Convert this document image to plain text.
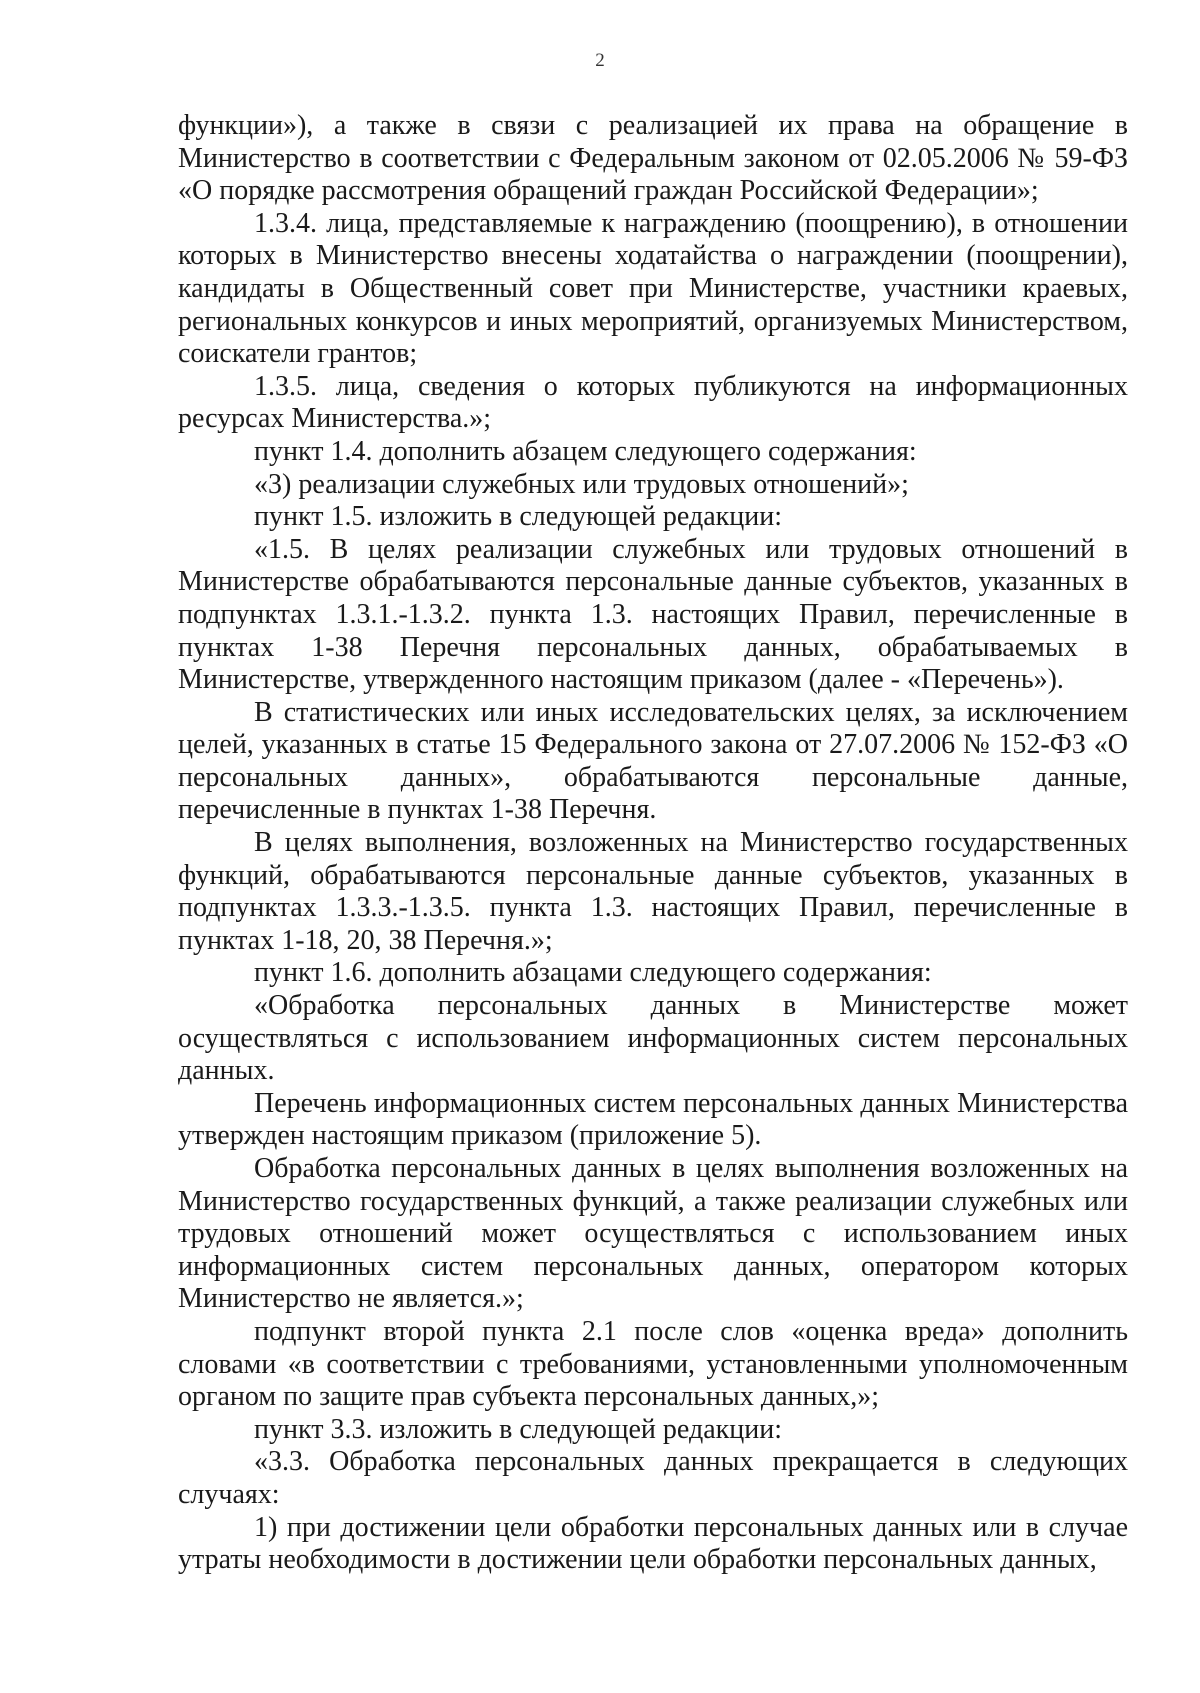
2

функции»), а также в связи с реализацией их права на обращение в Министерство в соответствии с Федеральным законом от 02.05.2006 № 59-ФЗ «О порядке рассмотрения обращений граждан Российской Федерации»;

1.3.4. лица, представляемые к награждению (поощрению), в отношении которых в Министерство внесены ходатайства о награждении (поощрении), кандидаты в Общественный совет при Министерстве, участники краевых, региональных конкурсов и иных мероприятий, организуемых Министерством, соискатели грантов;

1.3.5. лица, сведения о которых публикуются на информационных ресурсах Министерства.»;

пункт 1.4. дополнить абзацем следующего содержания:

«3) реализации служебных или трудовых отношений»;

пункт 1.5. изложить в следующей редакции:

«1.5. В целях реализации служебных или трудовых отношений в Министерстве обрабатываются персональные данные субъектов, указанных в подпунктах 1.3.1.-1.3.2. пункта 1.3. настоящих Правил, перечисленные в пунктах 1-38 Перечня персональных данных, обрабатываемых в Министерстве, утвержденного настоящим приказом (далее - «Перечень»).

В статистических или иных исследовательских целях, за исключением целей, указанных в статье 15 Федерального закона от 27.07.2006 № 152-ФЗ «О персональных данных», обрабатываются персональные данные, перечисленные в пунктах 1-38 Перечня.

В целях выполнения, возложенных на Министерство государственных функций, обрабатываются персональные данные субъектов, указанных в подпунктах 1.3.3.-1.3.5. пункта 1.3. настоящих Правил, перечисленные в пунктах 1-18, 20, 38 Перечня.»;

пункт 1.6. дополнить абзацами следующего содержания:

«Обработка персональных данных в Министерстве может осуществляться с использованием информационных систем персональных данных.

Перечень информационных систем персональных данных Министерства утвержден настоящим приказом (приложение 5).

Обработка персональных данных в целях выполнения возложенных на Министерство государственных функций, а также реализации служебных или трудовых отношений может осуществляться с использованием иных информационных систем персональных данных, оператором которых Министерство не является.»;

подпункт второй пункта 2.1 после слов «оценка вреда» дополнить словами «в соответствии с требованиями, установленными уполномоченным органом по защите прав субъекта персональных данных,»;

пункт 3.3. изложить в следующей редакции:

«3.3. Обработка персональных данных прекращается в следующих случаях:

1) при достижении цели обработки персональных данных или в случае утраты необходимости в достижении цели обработки персональных данных,
